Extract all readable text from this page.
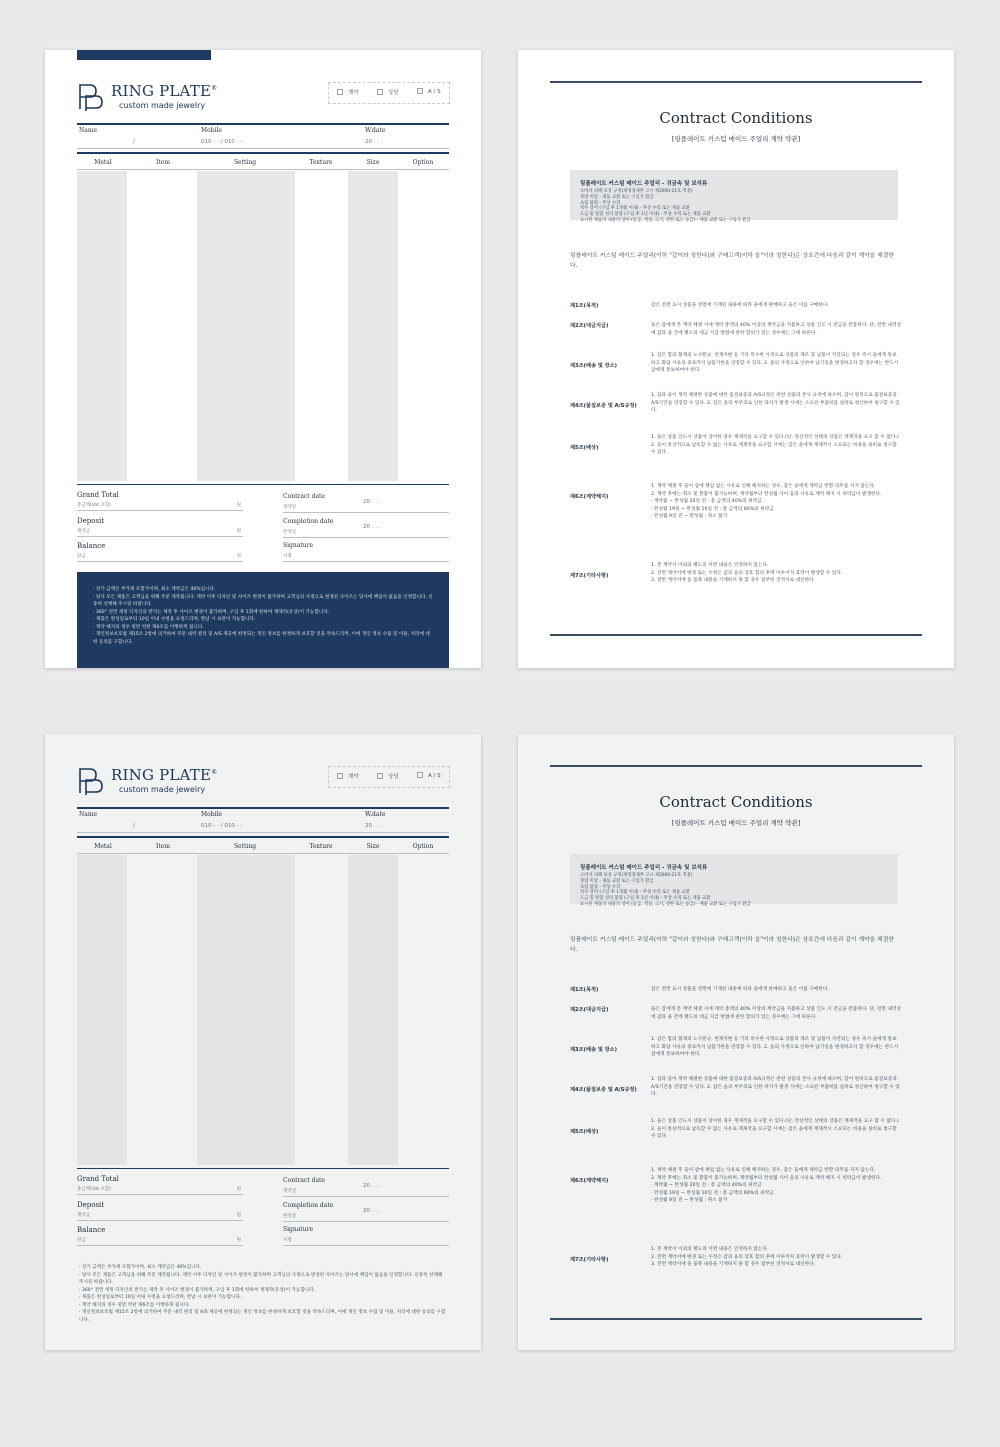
RING PLATE®
custom made jewelry
계약	상담	A / S
Name
/
Mobile
010 - - / 010 - -
W.date
20 . . .
Metal	Item	Setting	Texture	Size	Option
Grand Total
총금액(Vat 포함)	원
Deposit
계약금	원
Balance
잔금	원
Contract date
계약일
20 . . .
Completion date
완성일
20 . . .
Signature
서명

· 상기 금액은 부가세 포함가이며, 최소 계약금은 40%입니다.

· 당사 모든 제품은 고객님을 위해 주문 제작됩니다. 계약 이후 디자인 및 사이즈 변경이 불가하며 고객님의 사정으로 변경된 사이즈는 당사에 책임이 없음을 인정합니다. 신중히 선택해 주시길 바랍니다.

· 360° 전면 세팅 디자인의 반지는 제작 후 사이즈 변경이 불가하며, 구입 후 1회에 한하여 재제작(유상)이 가능합니다.

· 제품은 완성일로부터 10일 이내 수령을 요청드리며, 완납 시 보관이 가능합니다.

· 계약 해지의 경우 뒷면 약관 제6조를 이행하게 됩니다.

· 개인정보보호법 제15조 2항에 의거하여 주문 내역 관리 및 A/S 제공에 한정되는 개인 정보를 한정하게 보호할 것을 약속드리며, 이에 개인 정보 수집 및 이용, 처리에 대한 동의를 구합니다.

Contract Conditions
[링플레이트 커스텀 메이드 주얼리 계약 약관]
링플레이트 커스텀 메이드 주얼리 - 귀금속 및 보석류

소비자 피해 보상 규정(재정경제부 고시 제2000-21호 적용)

정량 미달 - 제품 교환 또는 구입가 환급

초립 불량 - 무상 수리

치수 상이 (구입 후 1개월 이내) - 무상 수리 또는 제품 교환

도금 및 탈합 성의 불량 (구입 후 1년 이내) - 무상 수리 또는 제품 교환

표시된 제품의 내용의 상이 (등급, 색상, 크기, 전한 또는 등급) - 제품 교환 또는 구입가 환급

링플레이트 커스텀 메이드 주얼리(이하 "갑이라 칭한다)와 구매고객(이하 을"이라 칭한다)은 상호간에 다음과 같이 계약을 체결한다.
제1조(목적)	갑은 전면 표시 상품을 전면에 기재된 내용에 따라 을에게 판매하고 을은 이를 구매한다.
제2조(대금지급)	을은 갑에게 본 계약 체결 시에 계약 총액의 40% 이상의 계약금을 지불하고 상품 인도 시 잔금을 완불한다. 단, 전면 내역상에 갑과 을 간에 별도의 대금 지급 방법에 관한 합의가 있는 경우에는 그에 따른다.
제3조(배송 및 장소)
1. 갑은 합의 협제의 노사분규, 천재지변 등 기타 특수한 사정으로 상품의 제조 및 납품이 지연되는 경우 즉시 을에게 통보하고 화답 사유의 종료까지 납품기한을 연장할 수 있다. 2. 을의 사정으로 인하여 납기일을 변경하고자 할 경우에는 반드시 갑에게 통보하여야 한다.
제4조(품질보증 및 A/S규정)
1. 갑과 을이 계약 체결한 상품에 대한 품질보증과 A/S규정은 관련 상품의 본사 규정에 따르며, 갑이 원칙으로 품질보증과 A/S기간을 연장할 수 있다. 2. 갑은 을의 부주의로 인한 파지가 발생 시에는 소요된 부품비를 실비로 청산하여 청구할 수 있다.
제5조(배상)
1. 을은 상품 인도시 상품이 상이한 경우 재제작을 요구할 수 있다.(단, 정상적인 상태의 상품은 재제작을 요구 할 수 없다.) 2. 을이 통상적으로 납득할 수 없는 사유로 재제작을 요구할 시에는 갑은 을에게 재제작시 소요되는 비용을 실비로 청구할 수 있다.
제6조(계약해지)
1. 계약 체결 후 을이 갑에 책임 없는 사유로 인해 해지하는 경우, 갑은 을에게 계약금 반환 의무를 지지 않는다.
2. 계약 후에는 취소 및 환불이 불가능하며, 계약월부터 완성월 사이 을의 사유로 계약 해지 시 위약금이 발생한다.
· 계약월 ~ 완성월 20일 전 : 총 금액의 40%의 위약금
· 완성월 19일 ~ 완성월 10일 전 : 총 금액의 60%의 위약금
· 완성월 9일 전 ~ 완성월 : 취소 불가
제7조(기타사항)
1. 본 계약서 이외의 별도의 이면 내용은 인정하지 않는다.
2. 전면 계약서에 변경 또는 수정은 갑과 을의 상호 합의 후에 이루어져 효력이 발생할 수 있다.
3. 전면 계약서에 을 품목 내용을 기재하지 못 할 경우 첨부된 견적서로 대신한다.
RING PLATE®
custom made jewelry
계약	상담	A / S
Name
/
Mobile
010 - - / 010 - -
W.date
20 . . .
Metal	Item	Setting	Texture	Size	Option
Grand Total
총금액(Vat 포함)	원
Deposit
계약금	원
Balance
잔금	원
Contract date
계약일
20 . . .
Completion date
완성일
20 . . .
Signature
서명

· 상기 금액은 부가세 포함가이며, 최소 계약금은 40%입니다.

· 당사 모든 제품은 고객님을 위해 주문 제작됩니다. 계약 이후 디자인 및 사이즈 변경이 불가하며 고객님의 사정으로 변경된 사이즈는 당사에 책임이 없음을 인정합니다. 신중히 선택해 주시길 바랍니다.

· 360° 전면 세팅 디자인의 반지는 제작 후 사이즈 변경이 불가하며, 구입 후 1회에 한하여 재제작(유상)이 가능합니다.

· 제품은 완성일로부터 10일 이내 수령을 요청드리며, 완납 시 보관이 가능합니다.

· 계약 해지의 경우 뒷면 약관 제6조를 이행하게 됩니다.

· 개인정보보호법 제15조 2항에 의거하여 주문 내역 관리 및 A/S 제공에 한정되는 개인 정보를 한정하게 보호할 것을 약속드리며, 이에 개인 정보 수집 및 이용, 처리에 대한 동의를 구합니다.

Contract Conditions
[링플레이트 커스텀 메이드 주얼리 계약 약관]
링플레이트 커스텀 메이드 주얼리 - 귀금속 및 보석류

소비자 피해 보상 규정(재정경제부 고시 제2000-21호 적용)

정량 미달 - 제품 교환 또는 구입가 환급

초립 불량 - 무상 수리

치수 상이 (구입 후 1개월 이내) - 무상 수리 또는 제품 교환

도금 및 탈합 성의 불량 (구입 후 1년 이내) - 무상 수리 또는 제품 교환

표시된 제품의 내용의 상이 (등급, 색상, 크기, 전한 또는 등급) - 제품 교환 또는 구입가 환급

링플레이트 커스텀 메이드 주얼리(이하 "갑이라 칭한다)와 구매고객(이하 을"이라 칭한다)은 상호간에 다음과 같이 계약을 체결한다.
제1조(목적)	갑은 전면 표시 상품을 전면에 기재된 내용에 따라 을에게 판매하고 을은 이를 구매한다.
제2조(대금지급)	을은 갑에게 본 계약 체결 시에 계약 총액의 40% 이상의 계약금을 지불하고 상품 인도 시 잔금을 완불한다. 단, 전면 내역상에 갑과 을 간에 별도의 대금 지급 방법에 관한 합의가 있는 경우에는 그에 따른다.
제3조(배송 및 장소)
1. 갑은 합의 협제의 노사분규, 천재지변 등 기타 특수한 사정으로 상품의 제조 및 납품이 지연되는 경우 즉시 을에게 통보하고 화답 사유의 종료까지 납품기한을 연장할 수 있다. 2. 을의 사정으로 인하여 납기일을 변경하고자 할 경우에는 반드시 갑에게 통보하여야 한다.
제4조(품질보증 및 A/S규정)
1. 갑과 을이 계약 체결한 상품에 대한 품질보증과 A/S규정은 관련 상품의 본사 규정에 따르며, 갑이 원칙으로 품질보증과 A/S기간을 연장할 수 있다. 2. 갑은 을의 부주의로 인한 파지가 발생 시에는 소요된 부품비를 실비로 청산하여 청구할 수 있다.
제5조(배상)
1. 을은 상품 인도시 상품이 상이한 경우 재제작을 요구할 수 있다.(단, 정상적인 상태의 상품은 재제작을 요구 할 수 없다.) 2. 을이 통상적으로 납득할 수 없는 사유로 재제작을 요구할 시에는 갑은 을에게 재제작시 소요되는 비용을 실비로 청구할 수 있다.
제6조(계약해지)
1. 계약 체결 후 을이 갑에 책임 없는 사유로 인해 해지하는 경우, 갑은 을에게 계약금 반환 의무를 지지 않는다.
2. 계약 후에는 취소 및 환불이 불가능하며, 계약월부터 완성월 사이 을의 사유로 계약 해지 시 위약금이 발생한다.
· 계약월 ~ 완성월 20일 전 : 총 금액의 40%의 위약금
· 완성월 19일 ~ 완성월 10일 전 : 총 금액의 60%의 위약금
· 완성월 9일 전 ~ 완성월 : 취소 불가
제7조(기타사항)
1. 본 계약서 이외의 별도의 이면 내용은 인정하지 않는다.
2. 전면 계약서에 변경 또는 수정은 갑과 을의 상호 합의 후에 이루어져 효력이 발생할 수 있다.
3. 전면 계약서에 을 품목 내용을 기재하지 못 할 경우 첨부된 견적서로 대신한다.
